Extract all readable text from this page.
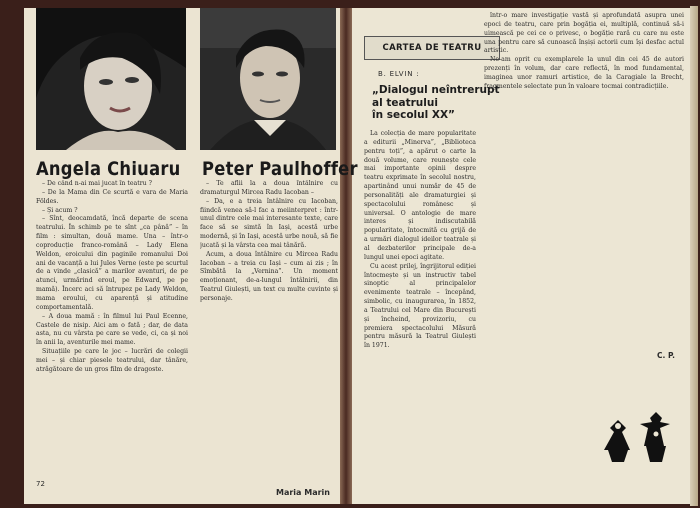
Angela Chiuaru Peter Paulhoffer

– De când n-ai mai jucat în teatru ?

– De la Mama din Ce scurtă e vara de Maria Földes.

– Și acum ?

– Sînt, deocamdată, încă departe de scena teatrului. În schimb pe te sînt „ca până” – în film : simultan, două mame. Una – într-o coproducție franco-română – Lady Elena Weldon, eroicului din paginile romanului Doi ani de vacanță a lui Jules Verne (este pe scurtul de a vinde „clasică” a marilor aventuri, de pe atunci, urmărind eroul, pe Edward, pe pe mamă). Încerc aci să întrupez pe Lady Weldon, mama eroului, cu aparență și atitudine comportamentală.

– A doua mamă : în filmul lui Paul Ecenne, Castele de nisip. Aici am o fată ; dar, de data asta, nu cu vârsta pe care se vede, ci, ca și noi în anii la, aventurile mei mame.

Situațiile pe care le joc – lucrări de colegii mei – și chiar piesele teatrului, dar tânăre, atrăgătoare de un gros film de dragoste.

– Te aflii la a doua întâlnire cu dramaturgul Mircea Radu Iacoban –

– Da, e a treia întâlnire cu Iacoban, fiindcă venea să-l fac a meiinterpret : într-unul dintre cele mai interesante texte, care face să se simtă în Iași, acestă urbe modernă, și în Iași, acestă urbe nouă, să fie jucată și la vârsta cea mai tânără.

Acum, a doua întâlnire cu Mircea Radu Iacoban – a treia cu Iași – cum ai zis ; în Sîmbătă la „Vernina”. Un moment emoționant, de-a-lungul întâlnirii, din Teatrul Giulești, un text cu multe cuvinte și personaje.

Maria Marin
72
CARTEA DE TEATRU
B. ELVIN :
„Dialogul neîntrerupt
al teatrului
în secolul XX”

La colecția de mare popularitate a editurii „Minerva”, „Biblioteca pentru toți”, a apărut o carte la două volume, care reunește cele mai importante opinii despre teatru exprimate în secolul nostru, apartinând unui număr de 45 de personalități ale dramaturgiei și spectacolului românesc și universal. O antologie de mare interes și indiscutabilă popularitate, întocmită cu grijă de a urmări dialogul ideilor teatrale și al dezbaterilor principale de-a lungul unei epoci agitate.

Cu acest prilej, îngrijitorul ediției întocmește și un instructiv tabel sinoptic al principalelor evenimente teatrale – începând, simbolic, cu inaugurarea, în 1852, a Teatrului cel Mare din București și încheind, provizoriu, cu premiera spectacolului Măsură pentru măsură la Teatrul Giulești în 1971.

într-o mare investigație vastă și aprofundată asupra unei epoci de teatru, care prin bogăția ei, multiplă, continuă să-i uimească pe cei ce o privesc, o bogăție rară cu care nu este una pentru care să cunoască înșiși actorii cum își desfac actul artistic.

Ne-am oprit cu exemplarele la unul din cei 45 de autori prezenți în volum, dar care reflectă, în mod fundamental, imaginea unor ramuri artistice, de la Caragiale la Brecht, fragmentele selectate pun în valoare tocmai contradicțiile.

C. P.
